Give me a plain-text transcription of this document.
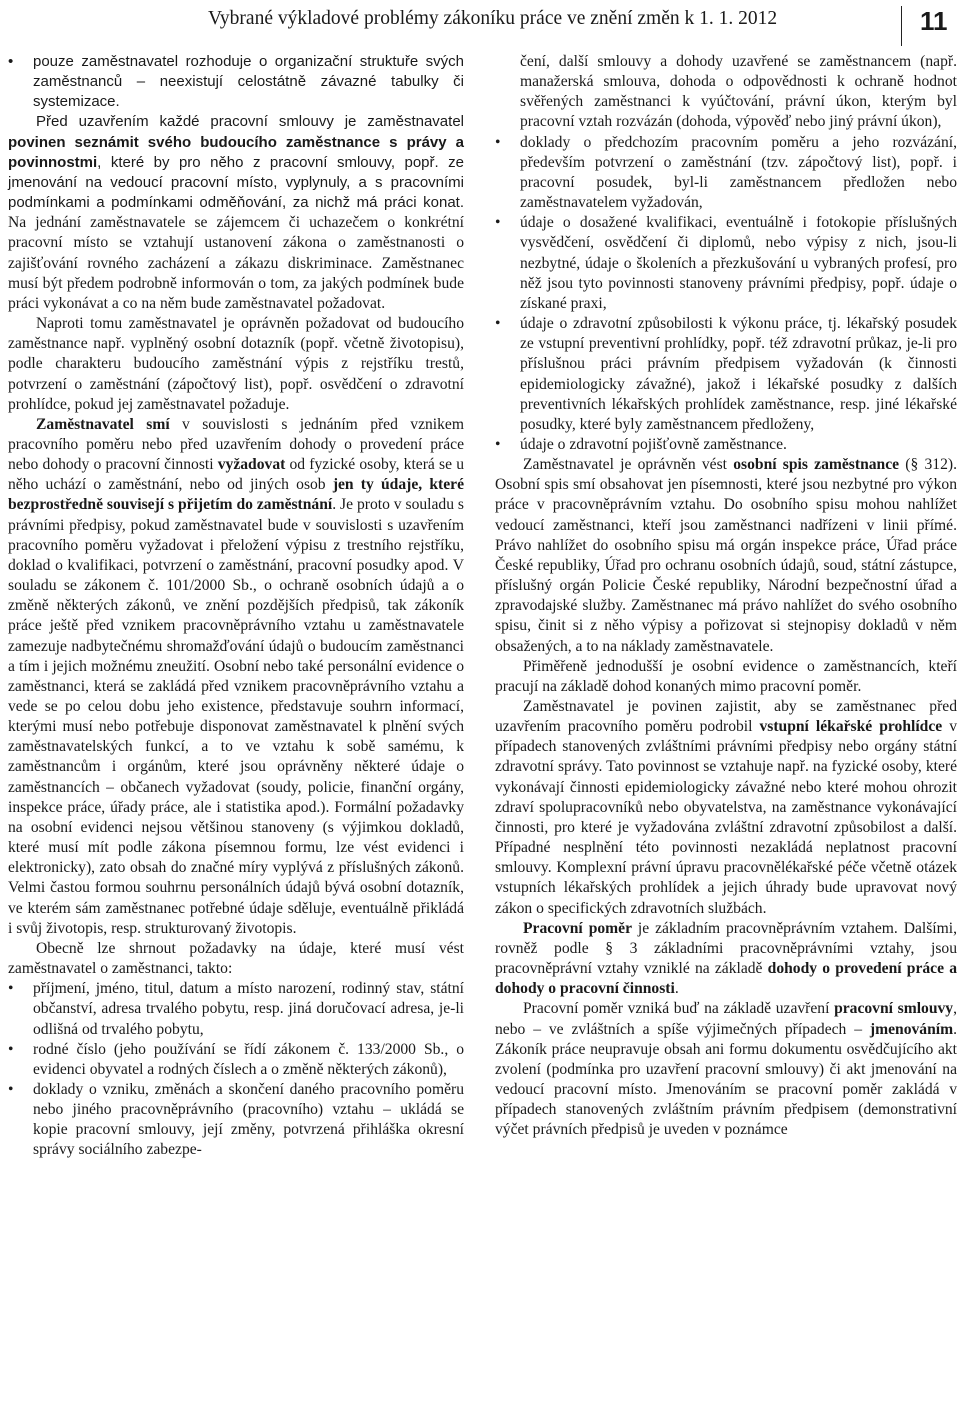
Vybrané výkladové problémy zákoníku práce ve znění změn k 1. 1. 2012	11
• pouze zaměstnavatel rozhoduje o organizační struktuře svých zaměstnanců – neexistují celostátně závazné tabulky či systemizace.

Před uzavřením každé pracovní smlouvy je zaměstnavatel povinen seznámit svého budoucího zaměstnance s právy a povinnostmi, které by pro něho z pracovní smlouvy, popř. ze jmenování na vedoucí pracovní místo, vyplynuly, a s pracovními podmínkami a podmínkami odměňování, za nichž má práci konat. Na jednání zaměstnavatele se zájemcem či uchazečem o konkrétní pracovní místo se vztahují ustanovení zákona o zaměstnanosti o zajišťování rovného zacházení a zákazu diskriminace. Zaměstnanec musí být předem podrobně informován o tom, za jakých podmínek bude práci vykonávat a co na něm bude zaměstnavatel požadovat.

Naproti tomu zaměstnavatel je oprávněn požadovat od budoucího zaměstnance např. vyplněný osobní dotazník (popř. včetně životopisu), podle charakteru budoucího zaměstnání výpis z rejstříku trestů, potvrzení o zaměstnání (zápočtový list), popř. osvědčení o zdravotní prohlídce, pokud jej zaměstnavatel požaduje.

Zaměstnavatel smí v souvislosti s jednáním před vznikem pracovního poměru nebo před uzavřením dohody o provedení práce nebo dohody o pracovní činnosti vyžadovat od fyzické osoby, která se u něho uchází o zaměstnání, nebo od jiných osob jen ty údaje, které bezprostředně souvisejí s přijetím do zaměstnání. Je proto v souladu s právními předpisy, pokud zaměstnavatel bude v souvislosti s uzavřením pracovního poměru vyžadovat i přeložení výpisu z trestního rejstříku, doklad o kvalifikaci, potvrzení o zaměstnání, pracovní posudky apod. V souladu se zákonem č. 101/2000 Sb., o ochraně osobních údajů a o změně některých zákonů, ve znění pozdějších předpisů, tak zákoník práce ještě před vznikem pracovněprávního vztahu u zaměstnavatele zamezuje nadbytečnému shromažďování údajů o budoucím zaměstnanci a tím i jejich možnému zneužití. Osobní nebo také personální evidence o zaměstnanci, která se zakládá před vznikem pracovněprávního vztahu a vede se po celou dobu jeho existence, představuje souhrn informací, kterými musí nebo potřebuje disponovat zaměstnavatel k plnění svých zaměstnavatelských funkcí, a to ve vztahu k sobě samému, k zaměstnancům i orgánům, které jsou oprávněny některé údaje o zaměstnancích – občanech vyžadovat (soudy, policie, finanční orgány, inspekce práce, úřady práce, ale i statistika apod.). Formální požadavky na osobní evidenci nejsou většinou stanoveny (s výjimkou dokladů, které musí mít podle zákona písemnou formu, lze vést evidenci i elektronicky), zato obsah do značné míry vyplývá z příslušných zákonů. Velmi častou formou souhrnu personálních údajů bývá osobní dotazník, ve kterém sám zaměstnanec potřebné údaje sděluje, eventuálně přikládá i svůj životopis, resp. strukturovaný životopis.

Obecně lze shrnout požadavky na údaje, které musí vést zaměstnavatel o zaměstnanci, takto:

• příjmení, jméno, titul, datum a místo narození, rodinný stav, státní občanství, adresa trvalého pobytu, resp. jiná doručovací adresa, je-li odlišná od trvalého pobytu,
• rodné číslo (jeho používání se řídí zákonem č. 133/2000 Sb., o evidenci obyvatel a rodných číslech a o změně některých zákonů),
• doklady o vzniku, změnách a skončení daného pracovního poměru nebo jiného pracovněprávního (pracovního) vztahu – ukládá se kopie pracovní smlouvy, její změny, potvrzená přihláška okresní správy sociálního zabezpe-
čení, další smlouvy a dohody uzavřené se zaměstnancem (např. manažerská smlouva, dohoda o odpovědnosti k ochraně hodnot svěřených zaměstnanci k vyúčtování, právní úkon, kterým byl pracovní vztah rozvázán (dohoda, výpověď nebo jiný právní úkon),
• doklady o předchozím pracovním poměru a jeho rozvázání, především potvrzení o zaměstnání (tzv. zápočtový list), popř. i pracovní posudek, byl-li zaměstnancem předložen nebo zaměstnavatelem vyžadován,
• údaje o dosažené kvalifikaci, eventuálně i fotokopie příslušných vysvědčení, osvědčení či diplomů, nebo výpisy z nich, jsou-li nezbytné, údaje o školeních a přezkušování u vybraných profesí, pro něž jsou tyto povinnosti stanoveny právními předpisy, popř. údaje o získané praxi,
• údaje o zdravotní způsobilosti k výkonu práce, tj. lékařský posudek ze vstupní preventivní prohlídky, popř. též zdravotní průkaz, je-li pro příslušnou práci právním předpisem vyžadován (k činnosti epidemiologicky závažné), jakož i lékařské posudky z dalších preventivních lékařských prohlídek zaměstnance, resp. jiné lékařské posudky, které byly zaměstnancem předloženy,
• údaje o zdravotní pojišťovně zaměstnance.

Zaměstnavatel je oprávněn vést osobní spis zaměstnance (§ 312). Osobní spis smí obsahovat jen písemnosti, které jsou nezbytné pro výkon práce v pracovněprávním vztahu. Do osobního spisu mohou nahlížet vedoucí zaměstnanci, kteří jsou zaměstnanci nadřízeni v linii přímé. Právo nahlížet do osobního spisu má orgán inspekce práce, Úřad práce České republiky, Úřad pro ochranu osobních údajů, soud, státní zástupce, příslušný orgán Policie České republiky, Národní bezpečnostní úřad a zpravodajské služby. Zaměstnanec má právo nahlížet do svého osobního spisu, činit si z něho výpisy a pořizovat si stejnopisy dokladů v něm obsažených, a to na náklady zaměstnavatele.

Přiměřeně jednodušší je osobní evidence o zaměstnancích, kteří pracují na základě dohod konaných mimo pracovní poměr.

Zaměstnavatel je povinen zajistit, aby se zaměstnanec před uzavřením pracovního poměru podrobil vstupní lékařské prohlídce v případech stanovených zvláštními právními předpisy nebo orgány státní zdravotní správy. Tato povinnost se vztahuje např. na fyzické osoby, které vykonávají činnosti epidemiologicky závažné nebo které mohou ohrozit zdraví spolupracovníků nebo obyvatelstva, na zaměstnance vykonávající činnosti, pro které je vyžadována zvláštní zdravotní způsobilost a další. Případné nesplnění této povinnosti nezakládá neplatnost pracovní smlouvy. Komplexní právní úpravu pracovnělékařské péče včetně otázek vstupních lékařských prohlídek a jejich úhrady bude upravovat nový zákon o specifických zdravotních službách.

Pracovní poměr je základním pracovněprávním vztahem. Dalšími, rovněž podle § 3 základními pracovněprávními vztahy, jsou pracovněprávní vztahy vzniklé na základě dohody o provedení práce a dohody o pracovní činnosti.

Pracovní poměr vzniká buď na základě uzavření pracovní smlouvy, nebo – ve zvláštních a spíše výjimečných případech – jmenováním. Zákoník práce neupravuje obsah ani formu dokumentu osvědčujícího akt zvolení (podmínka pro uzavření pracovní smlouvy) či akt jmenování na vedoucí pracovní místo. Jmenováním se pracovní poměr zakládá v případech stanovených zvláštním právním předpisem (demonstrativní výčet právních předpisů je uveden v poznámce
